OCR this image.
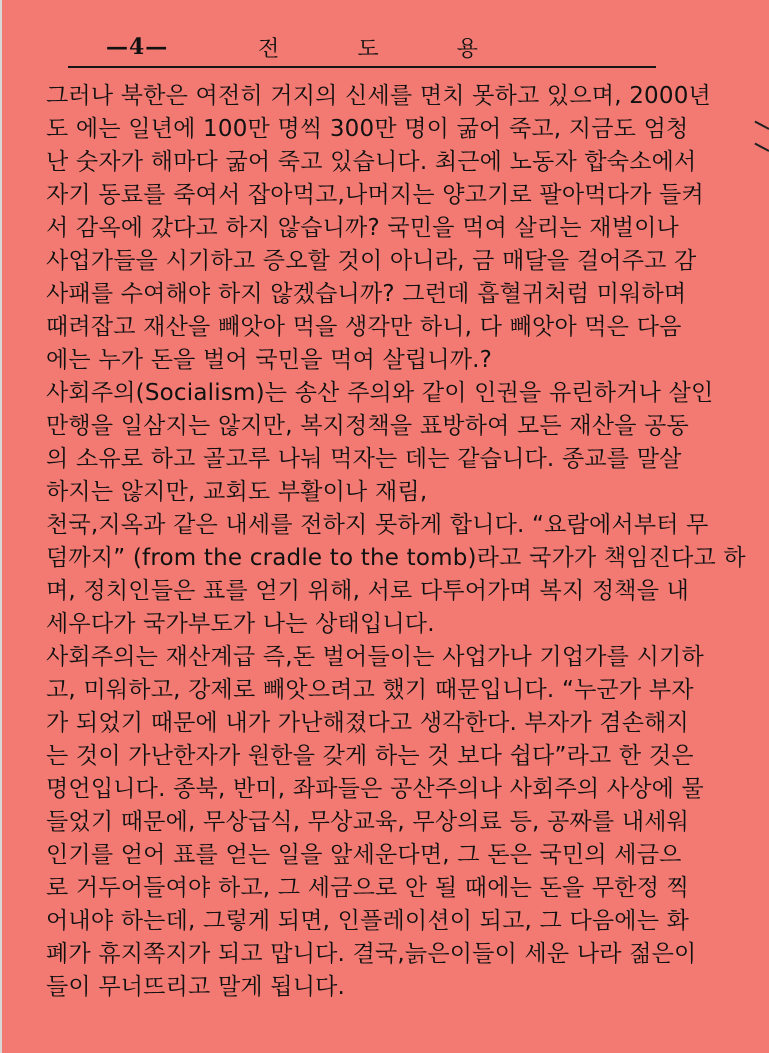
—4—	전	도	용

그러나 북한은 여전히 거지의 신세를 면치 못하고 있으며, 2000년
도 에는 일년에 100만 명씩 300만 명이 굶어 죽고, 지금도 엄청
난 숫자가 해마다 굶어 죽고 있습니다. 최근에 노동자 합숙소에서
자기 동료를 죽여서 잡아먹고,나머지는 양고기로 팔아먹다가 들켜
서 감옥에 갔다고 하지 않습니까? 국민을 먹여 살리는 재벌이나
사업가들을 시기하고 증오할 것이 아니라, 금 매달을 걸어주고 감
사패를 수여해야 하지 않겠습니까? 그런데 흡혈귀처럼 미워하며
때려잡고 재산을 빼앗아 먹을 생각만 하니, 다 빼앗아 먹은 다음
에는 누가 돈을 벌어 국민을 먹여 살립니까.?

사회주의(Socialism)는 송산 주의와 같이 인권을 유린하거나 살인
만행을 일삼지는 않지만, 복지정책을 표방하여 모든 재산을 공동
의 소유로 하고 골고루 나눠 먹자는 데는 같습니다. 종교를 말살
하지는 않지만, 교회도 부활이나 재림,
천국,지옥과 같은 내세를 전하지 못하게 합니다. “요람에서부터 무
덤까지” (from the cradle to the tomb)라고 국가가 책임진다고 하
며, 정치인들은 표를 얻기 위해, 서로 다투어가며 복지 정책을 내
세우다가 국가부도가 나는 상태입니다.

사회주의는 재산계급 즉,돈 벌어들이는 사업가나 기업가를 시기하
고, 미워하고, 강제로 빼앗으려고 했기 때문입니다. “누군가 부자
가 되었기 때문에 내가 가난해졌다고 생각한다. 부자가 겸손해지
는 것이 가난한자가 원한을 갖게 하는 것 보다 쉽다”라고 한 것은
명언입니다. 종북, 반미, 좌파들은 공산주의나 사회주의 사상에 물
들었기 때문에, 무상급식, 무상교육, 무상의료 등, 공짜를 내세워
인기를 얻어 표를 얻는 일을 앞세운다면, 그 돈은 국민의 세금으
로 거두어들여야 하고, 그 세금으로 안 될 때에는 돈을 무한정 찍
어내야 하는데, 그렇게 되면, 인플레이션이 되고, 그 다음에는 화
폐가 휴지쪽지가 되고 맙니다. 결국,늙은이들이 세운 나라 젊은이
들이 무너뜨리고 말게 됩니다.
